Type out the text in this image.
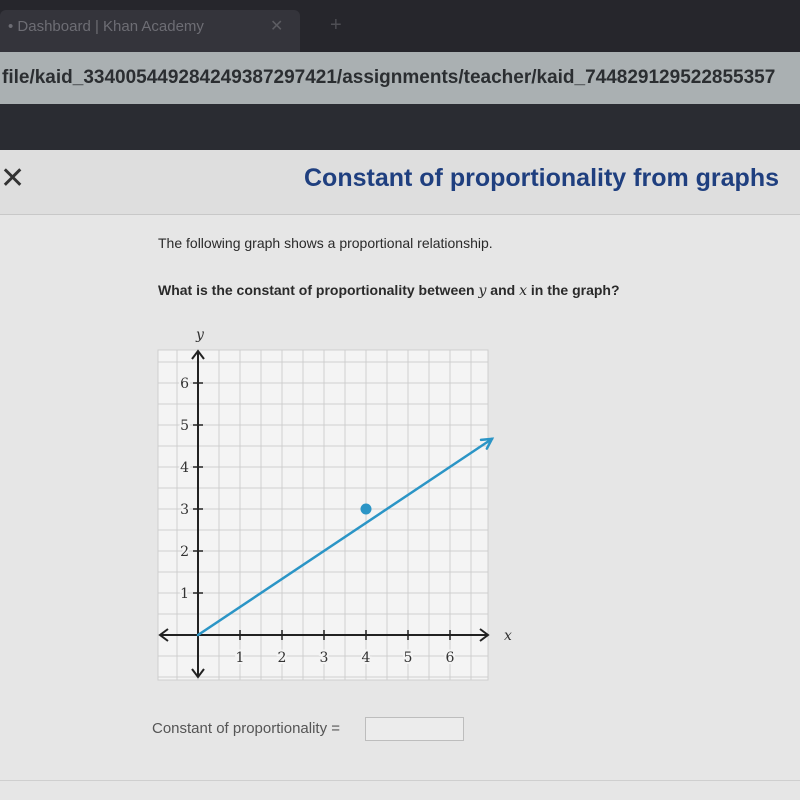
• Dashboard | Khan Academy	✕ +
file/kaid_334005449284249387297421/assignments/teacher/kaid_744829129522855357
✕	Constant of proportionality from graphs
The following graph shows a proportional relationship.
What is the constant of proportionality between y and x in the graph?
1 2 3 4 5 6
1
2
3
4
5
6
x
y
Constant of proportionality =
